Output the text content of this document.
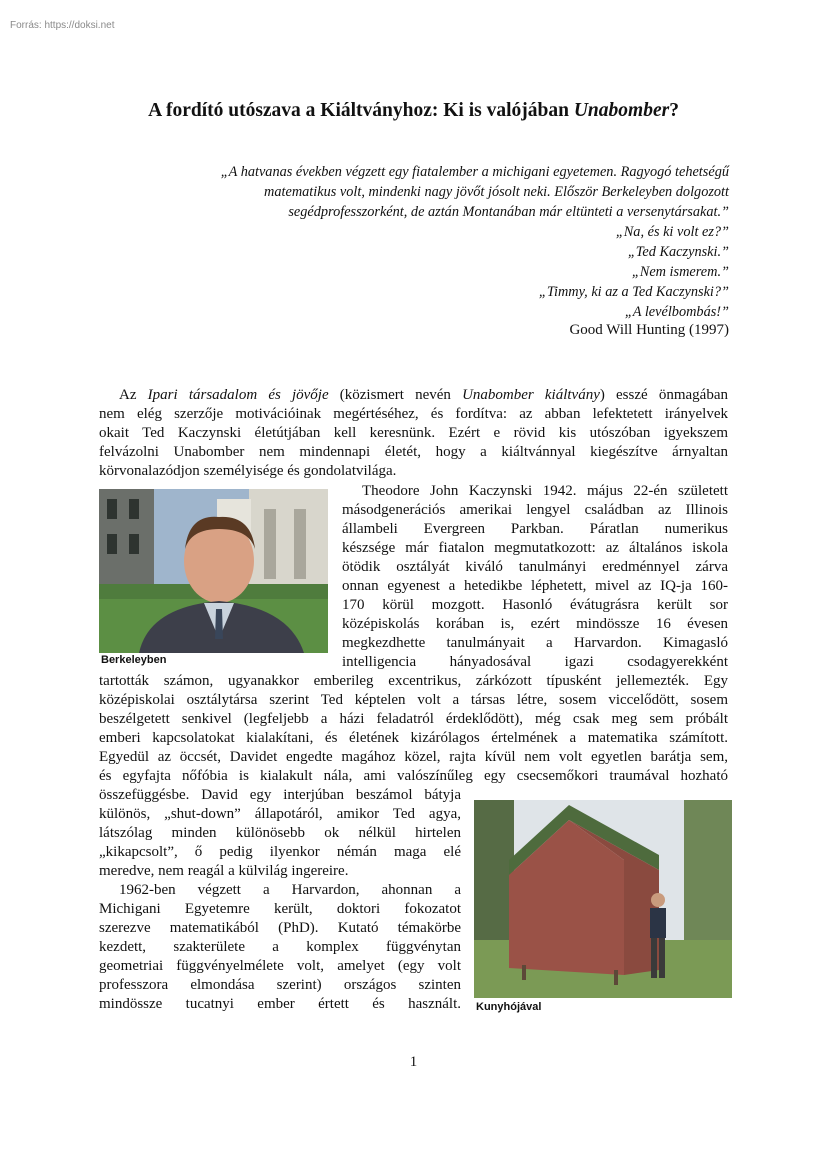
Forrás: https://doksi.net
A fordító utószava a Kiáltványhoz: Ki is valójában Unabomber?
„A hatvanas években végzett egy fiatalember a michigani egyetemen. Ragyogó tehetségű
matematikus volt, mindenki nagy jövőt jósolt neki. Először Berkeleyben dolgozott
segédprofesszorként, de aztán Montanában már eltünteti a versenytársakat.”
„Na, és ki volt ez?”
„Ted Kaczynski.”
„Nem ismerem.”
„Timmy, ki az a Ted Kaczynski?”
„A levélbombás!”
Good Will Hunting (1997)
Az Ipari társadalom és jövője (közismert nevén Unabomber kiáltvány) esszé önmagában
nem elég szerzője motivációinak megértéséhez, és fordítva: az abban lefektetett irányelvek
okait Ted Kaczynski életútjában kell keresnünk. Ezért e rövid kis utószóban igyekszem
felvázolni Unabomber nem mindennapi életét, hogy a kiáltvánnyal kiegészítve árnyaltan
körvonalazódjon személyisége és gondolatvilága.
Berkeleyben
Theodore John Kaczynski 1942. május 22-én született
másodgenerációs amerikai lengyel családban az Illinois
állambeli Evergreen Parkban. Páratlan numerikus
készsége már fiatalon megmutatkozott: az általános iskola
ötödik osztályát kiváló tanulmányi eredménnyel zárva
onnan egyenest a hetedikbe léphetett, mivel az IQ-ja 160-
170 körül mozgott. Hasonló évátugrásra került sor
középiskolás korában is, ezért mindössze 16 évesen
megkezdhette tanulmányait a Harvardon. Kimagasló
intelligencia hányadosával igazi csodagyerekként
tartották számon, ugyanakkor emberileg excentrikus, zárkózott típusként jellemezték. Egy
középiskolai osztálytársa szerint Ted képtelen volt a társas létre, sosem viccelődött, sosem
beszélgetett senkivel (legfeljebb a házi feladatról érdeklődött), még csak meg sem próbált
emberi kapcsolatokat kialakítani, és életének kizárólagos értelmének a matematika számított.
Egyedül az öccsét, Davidet engedte magához közel, rajta kívül nem volt egyetlen barátja sem,
és egyfajta nőfóbia is kialakult nála, ami valószínűleg egy csecsemőkori traumával hozható
összefüggésbe. David egy interjúban beszámol bátyja
különös, „shut-down” állapotáról, amikor Ted agya,
látszólag minden különösebb ok nélkül hirtelen
„kikapcsolt”, ő pedig ilyenkor némán maga elé
meredve, nem reagál a külvilág ingereire.
1962-ben végzett a Harvardon, ahonnan a
Michigani Egyetemre került, doktori fokozatot
szerezve matematikából (PhD). Kutató témakörbe
kezdett, szakterülete a komplex függvénytan
geometriai függvényelmélete volt, amelyet (egy volt
professzora elmondása szerint) országos szinten
mindössze tucatnyi ember értett és használt. Kunyhójával
1
